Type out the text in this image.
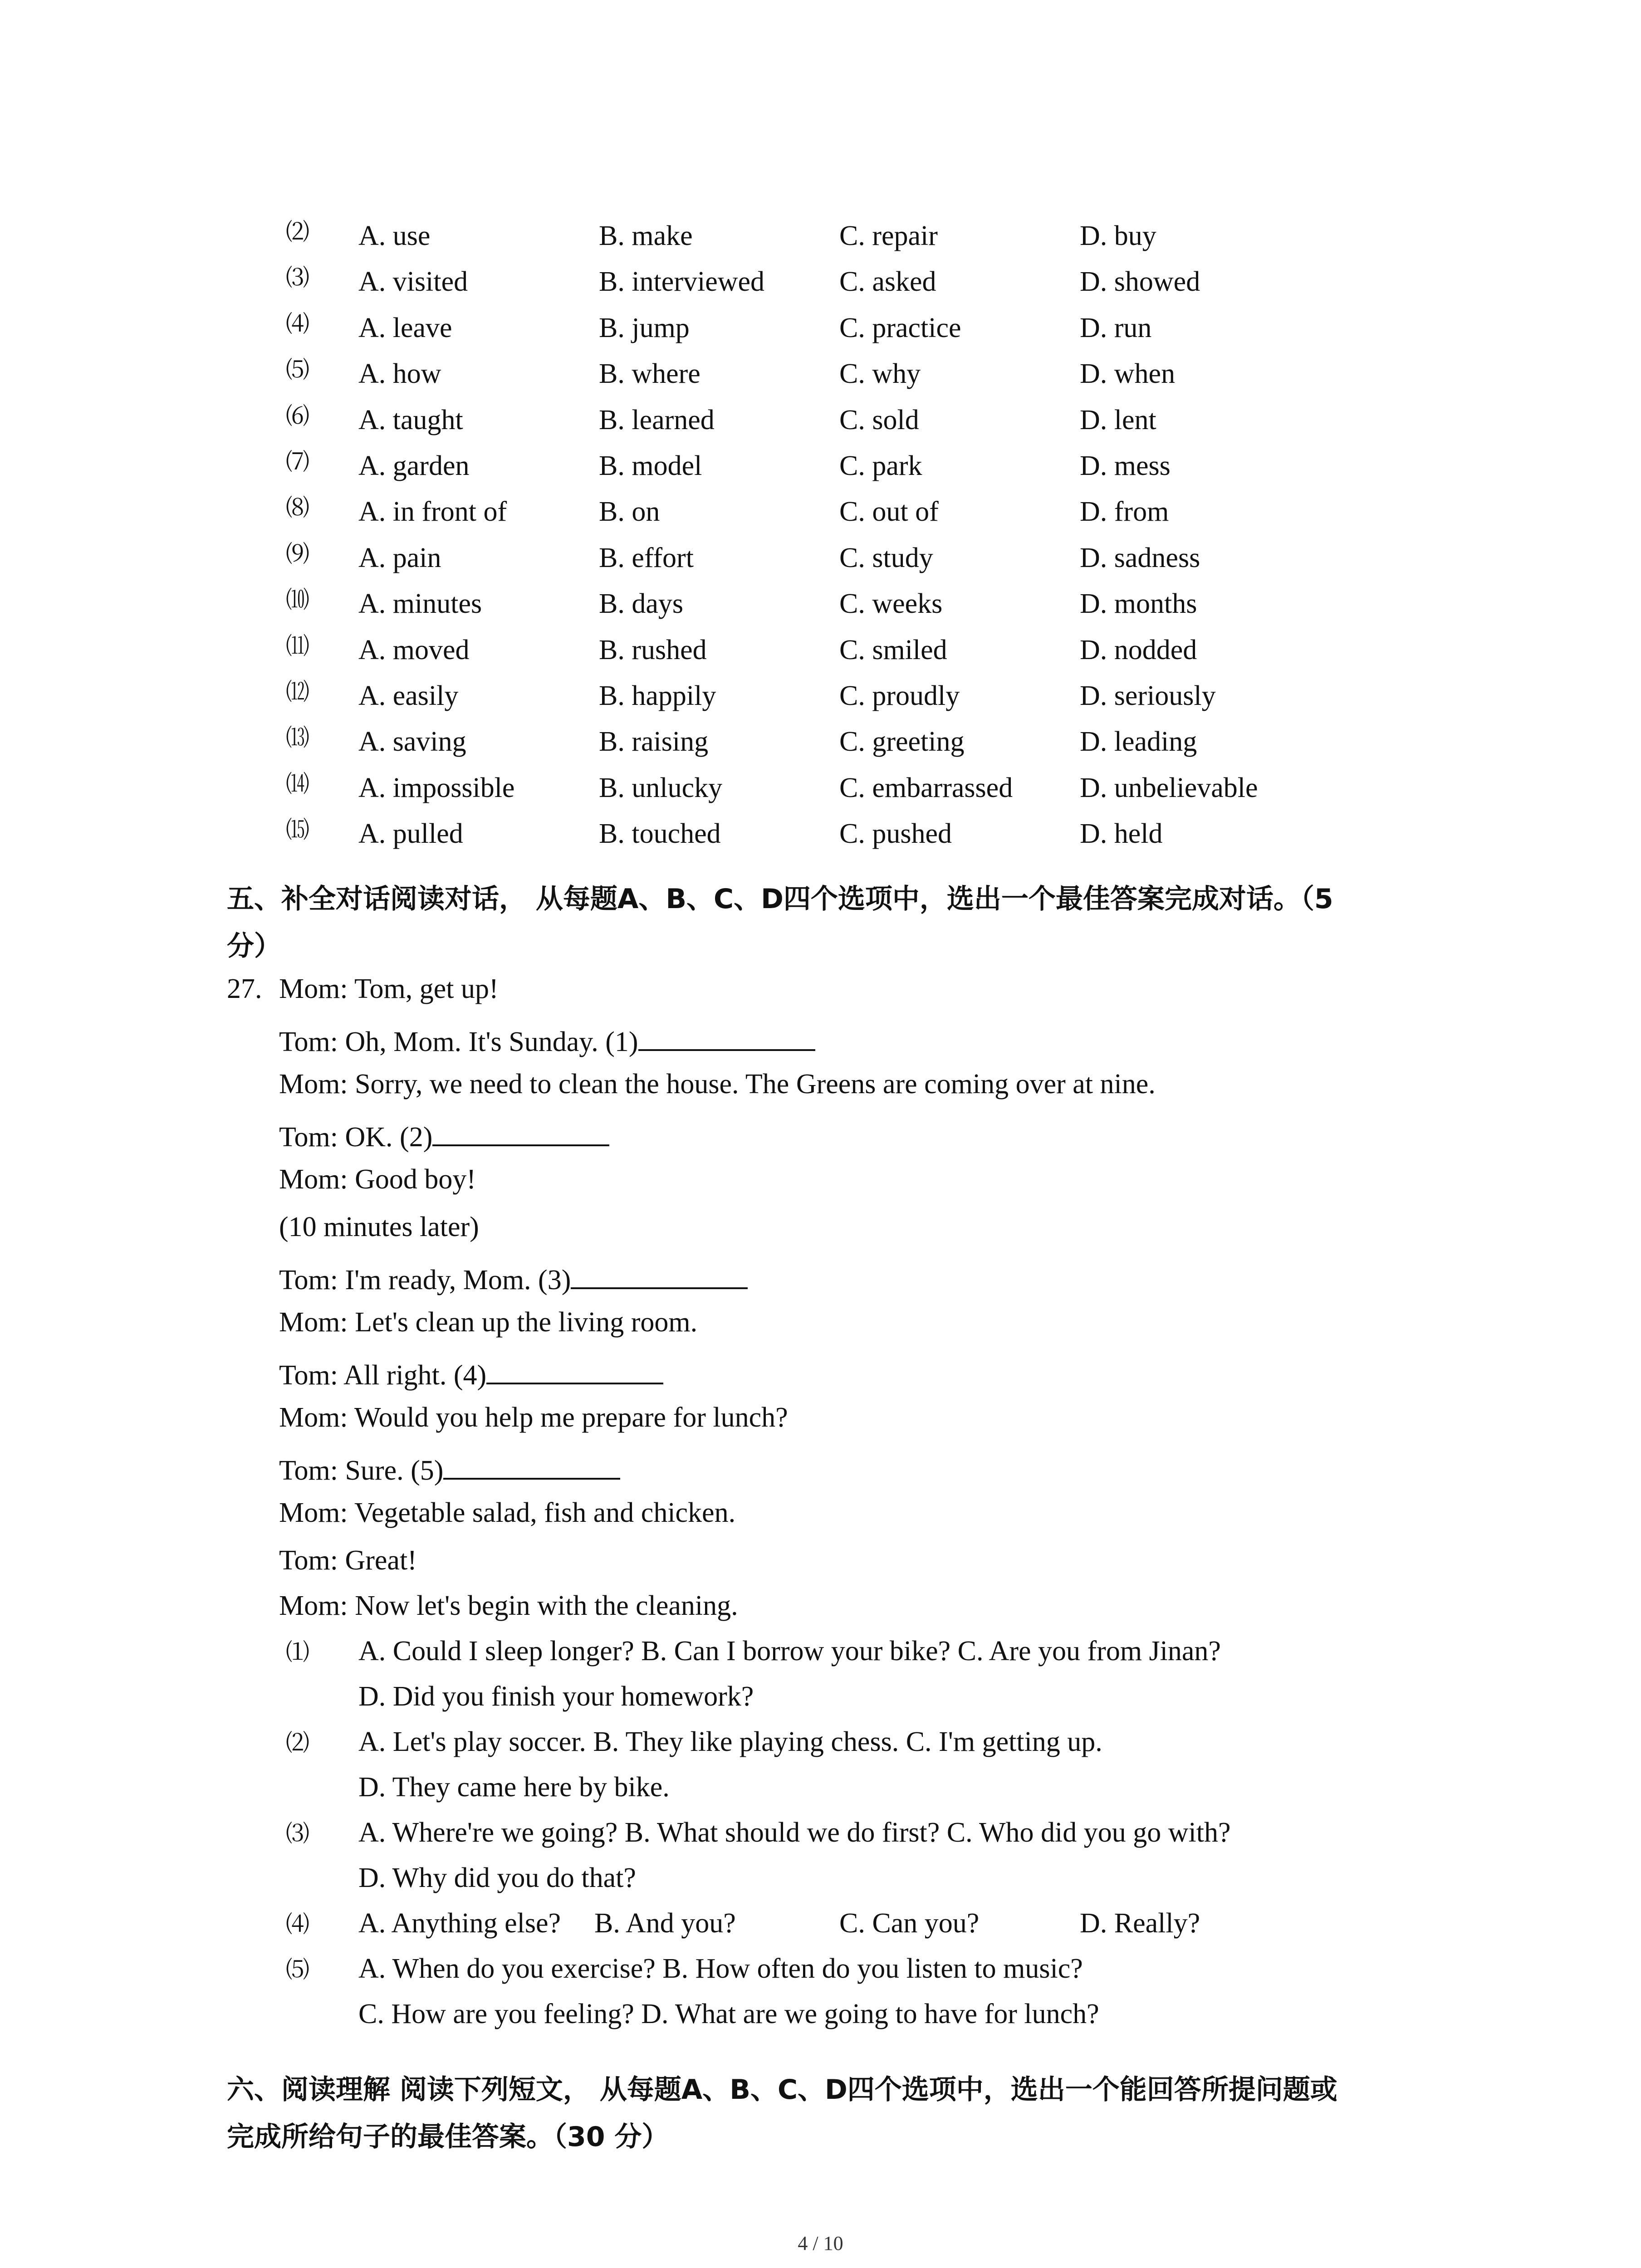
⑵ A. use	B. make	C. repair	D. buy
⑶ A. visited	B. interviewed	C. asked	D. showed
⑷ A. leave	B. jump	C. practice	D. run
⑸ A. how	B. where	C. why	D. when
⑹ A. taught	B. learned	C. sold	D. lent
⑺ A. garden	B. model	C. park	D. mess
⑻ A. in front of	B. on	C. out of	D. from
⑼ A. pain	B. effort	C. study	D. sadness
⑽ A. minutes	B. days	C. weeks	D. months
⑾ A. moved	B. rushed	C. smiled	D. nodded
⑿ A. easily	B. happily	C. proudly	D. seriously
⒀ A. saving	B. raising	C. greeting	D. leading
⒁ A. impossible	B. unlucky	C. embarrassed D. unbelievable
⒂ A. pulled	B. touched	C. pushed	D. held
五、补全对话阅读对话， 从每题A、B、C、D四个选项中，选出一个最佳答案完成对话。（5
分）
27. Mom: Tom, get up!
Tom: Oh, Mom. It's Sunday. (1)
Mom: Sorry, we need to clean the house. The Greens are coming over at nine.
Tom: OK. (2)
Mom: Good boy!
(10 minutes later)
Tom: I'm ready, Mom. (3)
Mom: Let's clean up the living room.
Tom: All right. (4)
Mom: Would you help me prepare for lunch?
Tom: Sure. (5)
Mom: Vegetable salad, fish and chicken.
Tom: Great!
Mom: Now let's begin with the cleaning.
⑴ A. Could I sleep longer? B. Can I borrow your bike? C. Are you from Jinan?
D. Did you finish your homework?
⑵ A. Let's play soccer. B. They like playing chess. C. I'm getting up.
D. They came here by bike.
⑶ A. Where're we going? B. What should we do first? C. Who did you go with?
D. Why did you do that?
⑷ A. Anything else? B. And you?	C. Can you?	D. Really?
⑸ A. When do you exercise? B. How often do you listen to music?
C. How are you feeling? D. What are we going to have for lunch?
六、阅读理解 阅读下列短文， 从每题A、B、C、D四个选项中，选出一个能回答所提问题或
完成所给句子的最佳答案。（30 分）
4 / 10
